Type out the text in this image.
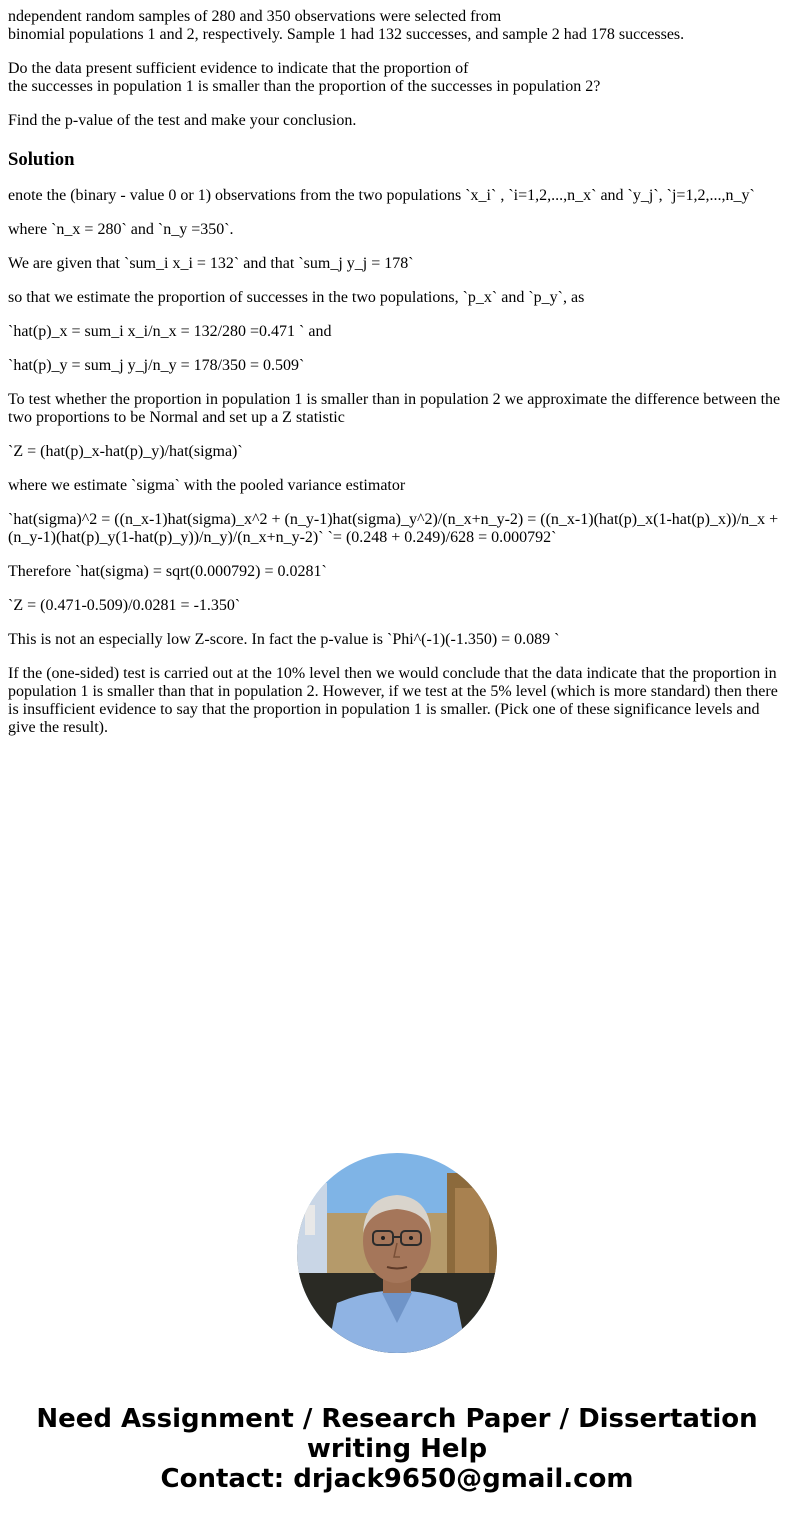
ndependent random samples of 280 and 350 observations were selected from
binomial populations 1 and 2, respectively. Sample 1 had 132 successes, and sample 2 had 178 successes.

Do the data present sufficient evidence to indicate that the proportion of
the successes in population 1 is smaller than the proportion of the successes in population 2?

Find the p-value of the test and make your conclusion.

Solution

enote the (binary - value 0 or 1) observations from the two populations `x_i` , `i=1,2,...,n_x` and `y_j`, `j=1,2,...,n_y`

where `n_x = 280` and `n_y =350`.

We are given that `sum_i x_i = 132` and that `sum_j y_j = 178`

so that we estimate the proportion of successes in the two populations, `p_x` and `p_y`, as

`hat(p)_x = sum_i x_i/n_x = 132/280 =0.471 ` and

`hat(p)_y = sum_j y_j/n_y = 178/350 = 0.509`

To test whether the proportion in population 1 is smaller than in population 2 we approximate the difference between the two proportions to be Normal and set up a Z statistic

`Z = (hat(p)_x-hat(p)_y)/hat(sigma)`

where we estimate `sigma` with the pooled variance estimator

`hat(sigma)^2 = ((n_x-1)hat(sigma)_x^2 + (n_y-1)hat(sigma)_y^2)/(n_x+n_y-2) = ((n_x-1)(hat(p)_x(1-hat(p)_x))/n_x + (n_y-1)(hat(p)_y(1-hat(p)_y))/n_y)/(n_x+n_y-2)` `= (0.248 + 0.249)/628 = 0.000792`

Therefore `hat(sigma) = sqrt(0.000792) = 0.0281`

`Z = (0.471-0.509)/0.0281 = -1.350`

This is not an especially low Z-score. In fact the p-value is `Phi^(-1)(-1.350) = 0.089 `

If the (one-sided) test is carried out at the 10% level then we would conclude that the data indicate that the proportion in population 1 is smaller than that in population 2. However, if we test at the 5% level (which is more standard) then there is insufficient evidence to say that the proportion in population 1 is smaller. (Pick one of these significance levels and give the result).

Need Assignment / Research Paper / Dissertation
writing Help
Contact: drjack9650@gmail.com
